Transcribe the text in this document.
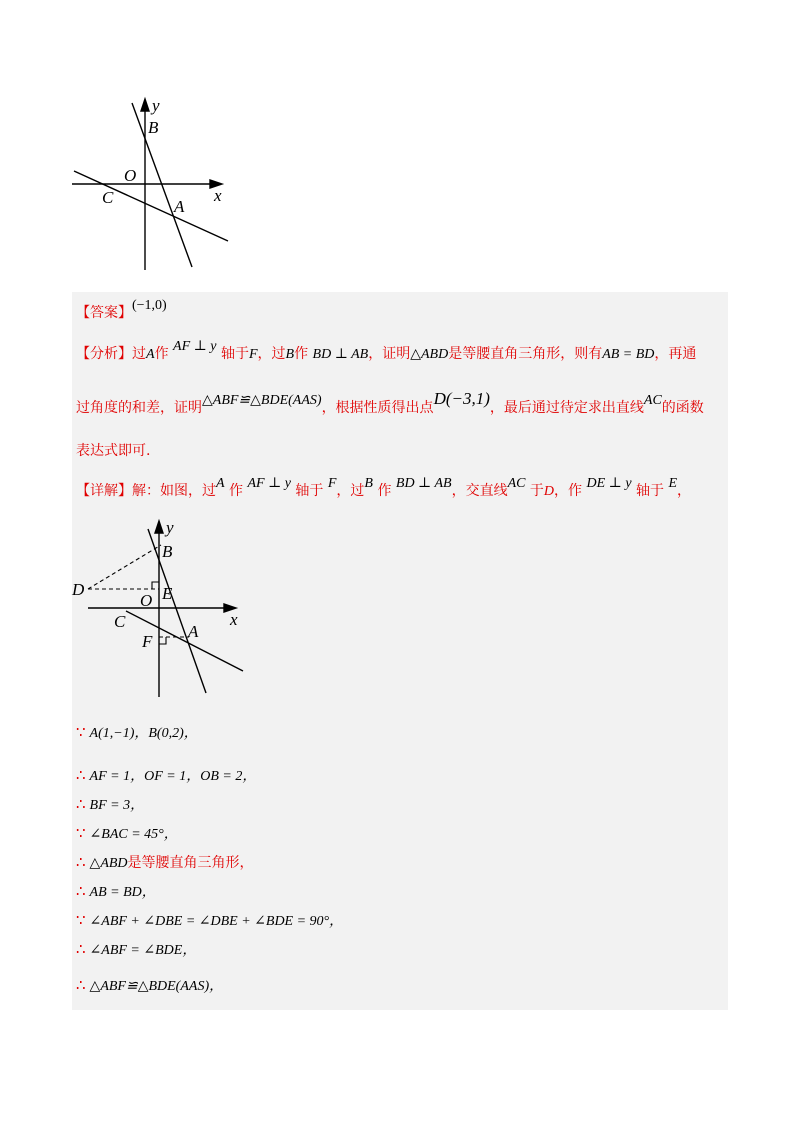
y
B
O
x
C	A
【答案】(−1,0)
【分析】过A作 AF ⊥ y 轴于F，过B作 BD ⊥ AB，证明△ABD是等腰直角三角形，则有AB = BD，再通
过角度的和差，证明△ABF≌△BDE(AAS)，根据性质得出点D(−3,1)，最后通过待定求出直线AC的函数
表达式即可.
【详解】解：如图，过A 作 AF ⊥ y 轴于 F，过B 作 BD ⊥ AB，交直线AC 于D，作 DE ⊥ y 轴于 E，
y
B
D	E
O
x
C
A
F
∵ A(1,−1)，B(0,2)，
∴ AF = 1，OF = 1，OB = 2，
∴ BF = 3，
∵ ∠BAC = 45°，
∴ △ABD是等腰直角三角形，
∴ AB = BD，
∵ ∠ABF + ∠DBE = ∠DBE + ∠BDE = 90°，
∴ ∠ABF = ∠BDE，
∴ △ABF≌△BDE(AAS)，
